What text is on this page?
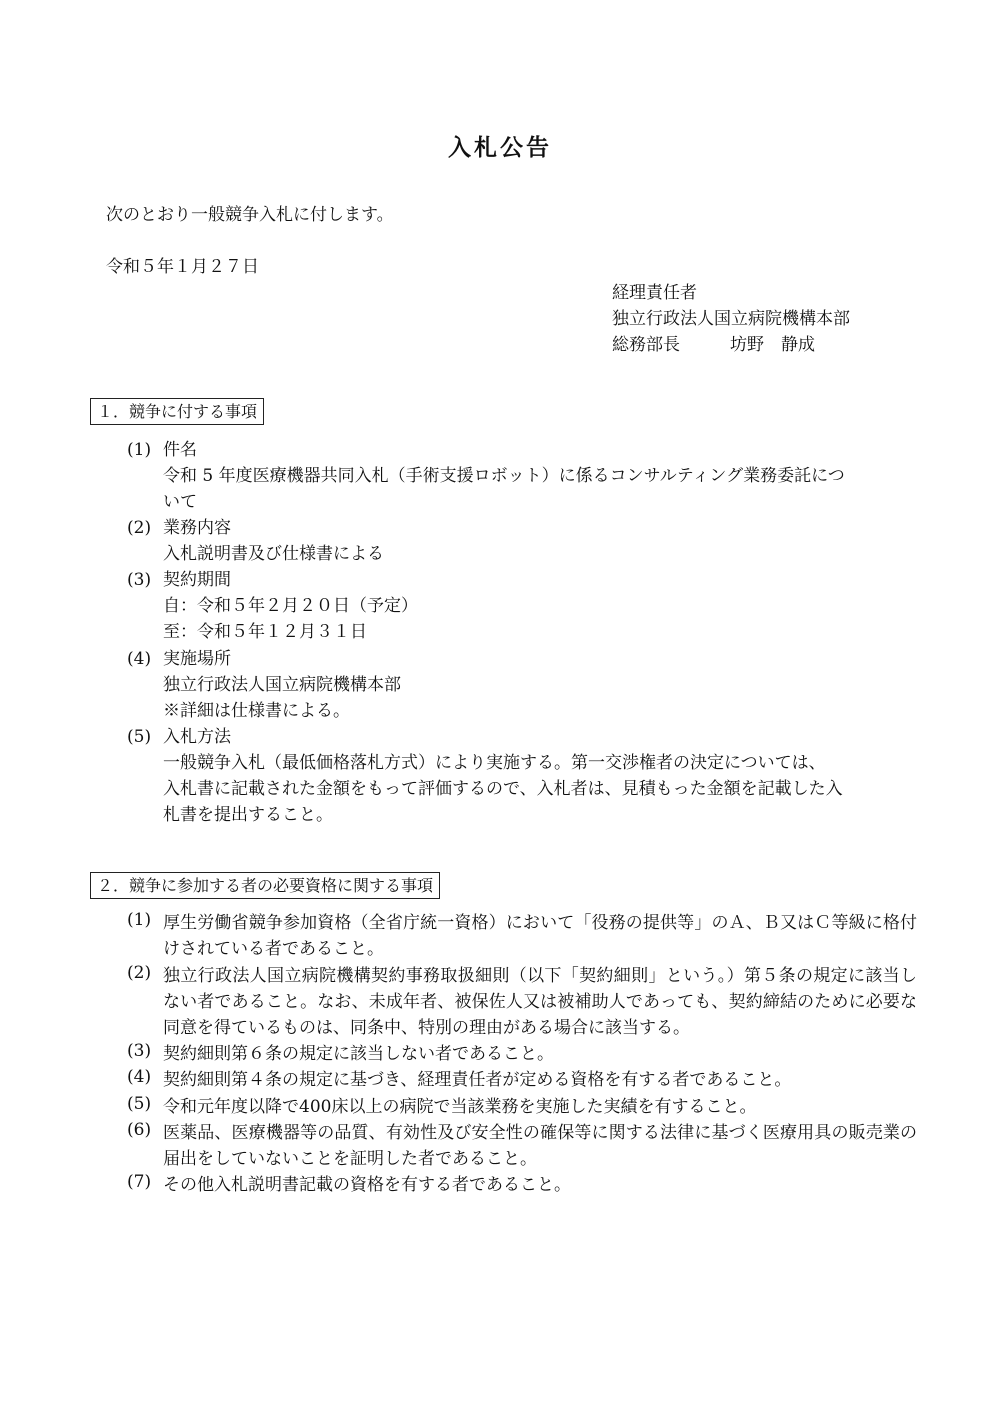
入札公告
次のとおり一般競争入札に付します。
令和５年１月２７日
経理責任者
独立行政法人国立病院機構本部
総務部長	坊野　静成
１．競争に付する事項
(1) 件名
令和 5 年度医療機器共同入札（手術支援ロボット）に係るコンサルティング業務委託につ
いて
(2) 業務内容
入札説明書及び仕様書による
(3) 契約期間
自：令和５年２月２０日（予定）
至：令和５年１２月３１日
(4) 実施場所
独立行政法人国立病院機構本部
※詳細は仕様書による。
(5) 入札方法
一般競争入札（最低価格落札方式）により実施する。第一交渉権者の決定については、
入札書に記載された金額をもって評価するので、入札者は、見積もった金額を記載した入
札書を提出すること。
２．競争に参加する者の必要資格に関する事項
(1) 厚生労働省競争参加資格（全省庁統一資格）において「役務の提供等」のＡ、Ｂ又はＣ等級に格付けされている者であること。
(2) 独立行政法人国立病院機構契約事務取扱細則（以下「契約細則」という。）第５条の規定に該当しない者であること。なお、未成年者、被保佐人又は被補助人であっても、契約締結のために必要な同意を得ているものは、同条中、特別の理由がある場合に該当する。
(3) 契約細則第６条の規定に該当しない者であること。
(4) 契約細則第４条の規定に基づき、経理責任者が定める資格を有する者であること。
(5) 令和元年度以降で400床以上の病院で当該業務を実施した実績を有すること。
(6) 医薬品、医療機器等の品質、有効性及び安全性の確保等に関する法律に基づく医療用具の販売業の届出をしていないことを証明した者であること。
(7) その他入札説明書記載の資格を有する者であること。
